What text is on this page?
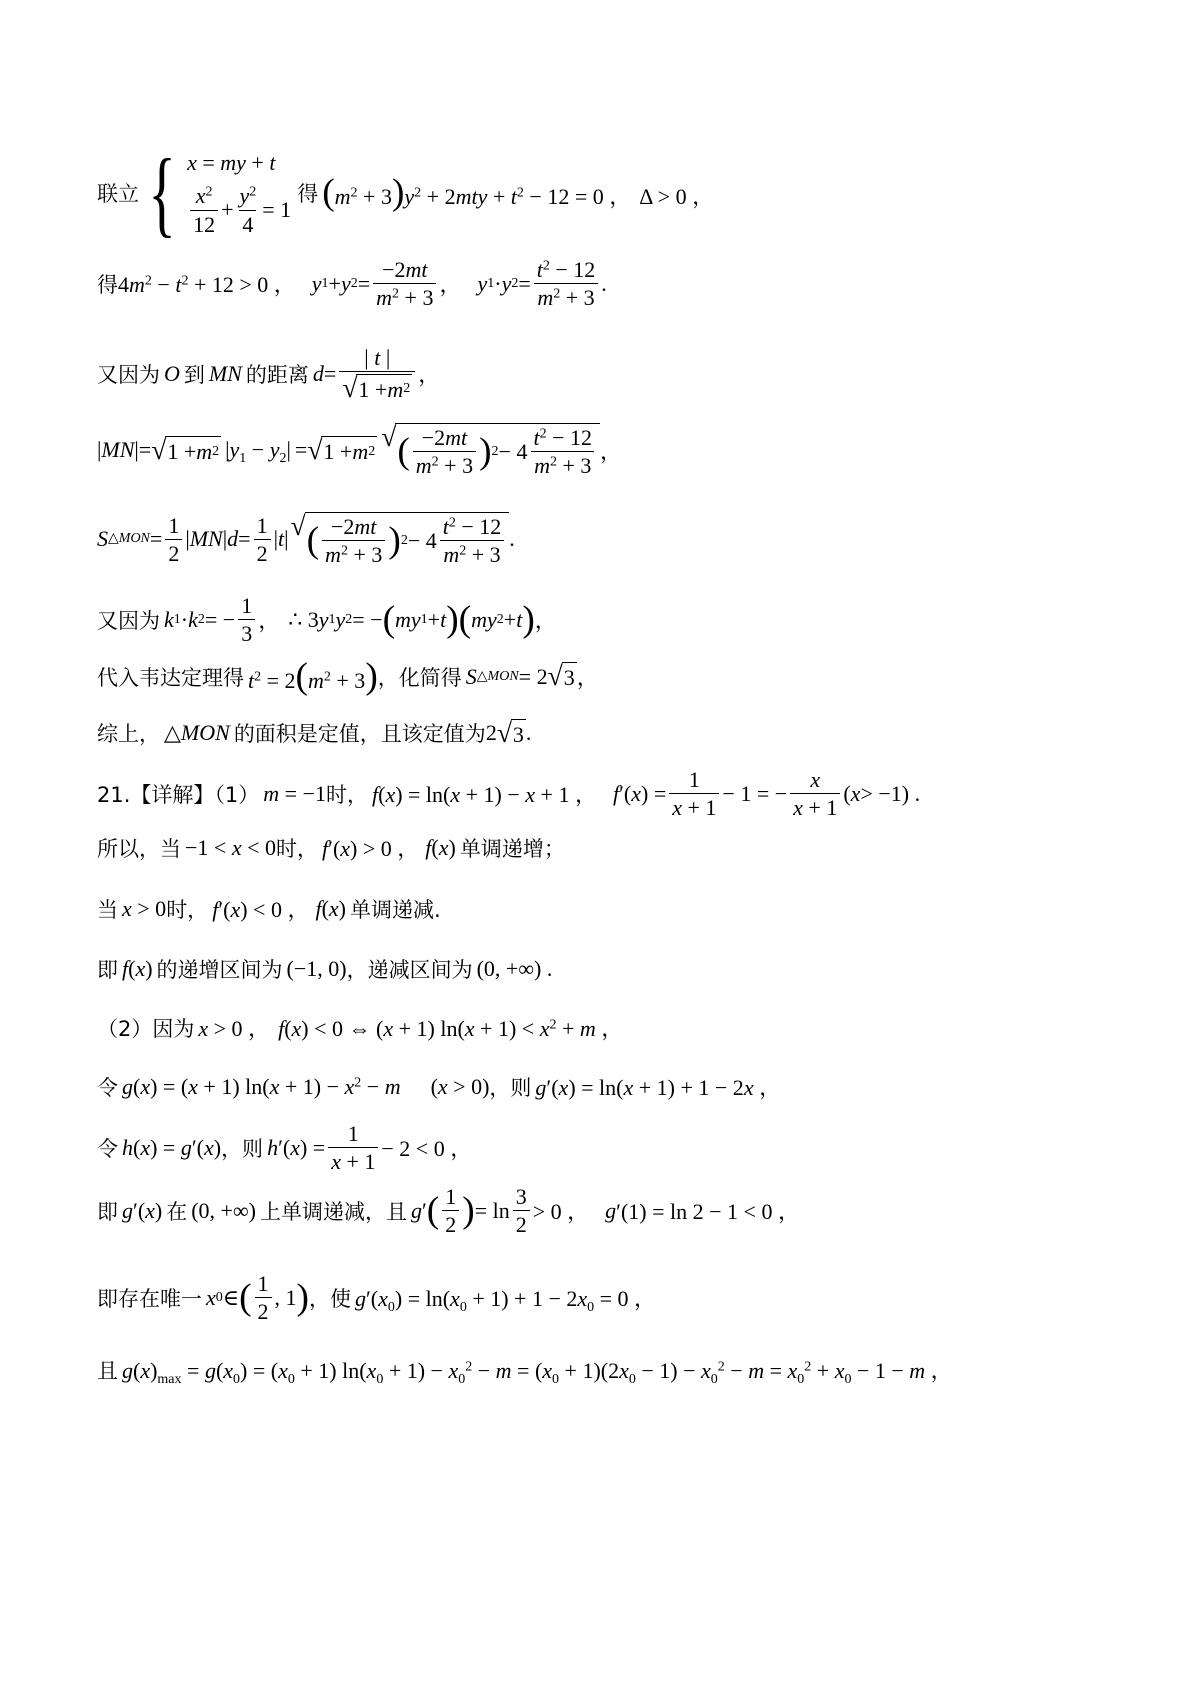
联立 { x = my + t
$\frac{x^2}{12} + \frac{y^2}{4} = 1$
得 $(m^2 + 3)y^2 + 2mty + t^2 - 12 = 0$ ， Δ > 0 ，
得 $4m^2 - t^2 + 12 > 0$ ， y 1 + y $2 = \frac{-2mt}{m^2 + 3}$ ， y 1 · y $2 = \frac{t^2 - 12}{m^2 + 3}$ .
又因为 O 到 MN 的距离 $d = \frac{| t |}{√ 1 + m 2}$ ，
| MN |= √ 1 + m 2 $|y_1 - y_2|$ = √ 1 + m 2 √ ( $\frac{-2mt}{m^2 + 3}$ ) $2 - 4 \frac{t^2 - 12}{m^2 + 3}$ ，
S △MON = $\frac{1}{2}$ | MN | $d = \frac{1}{2}$ | t | √ ( $\frac{-2mt}{m^2 + 3}$ ) $2 - 4 \frac{t^2 - 12}{m^2 + 3}$ .
又因为 k 1 · k 2 = − $\frac{1}{3}$ ，
∴ 3 y 1 y 2 = − ( my 1 + t ) ( my 2 + t ) ，
代入韦达定理得 $t^2 = 2(m^2 + 3)$ ，化简得 S △MON = 2 √ 3 ，
综上， △MON 的面积是定值，且该定值为 2 √ 3 .
21.【详解】（1） m = −1 时， f(x) = ln(x + 1) − x + 1 ， f ′( x ) = $\frac{1}{x + 1} - 1$ = − $\frac{x}{x + 1}$ ( x > −1) .
所以，当 −1 < x < 0 时， f′(x) > 0 ， f(x) 单调递增；
当 x > 0 时， f′(x) < 0 ， f(x) 单调递减.
即 f(x) 的递增区间为 (−1, 0) ，递减区间为 (0, +∞) .
（2）因为 x > 0 ， f(x) < 0 ⇔ (x + 1) $\ln(x + 1) < x^2 + m$ ，
令 g(x) = (x + 1) $\ln(x + 1) - x^2 - m$ (x > 0) ，则 g′(x) = ln(x + 1) + 1 − 2x ，
令 h(x) = g′(x) ，则 h ′( x ) = $\frac{1}{x + 1} - 2 < 0$ ，
即 g′(x) 在 (0, +∞) 上单调递减，且 g ′ ( $\frac{1}{2}$ ) = $\ln \frac{3}{2} > 0$ ， g ′(1) = ln 2 − 1 < 0 ，
即存在唯一 x 0 ∈ ( $\frac{1}{2}$ , 1 ) ，使 $g'(x_0) = \ln(x_0 + 1) + 1 - 2x_0 = 0$ ，
且 $g(x)_{max} = g(x_0) = (x_0 + 1) \ln(x_0 + 1) - x_0^2 - m = (x_0 + 1)(2x_0 - 1) - x_0^2 - m = x_0^2 + x_0 - 1 - m$ ，
